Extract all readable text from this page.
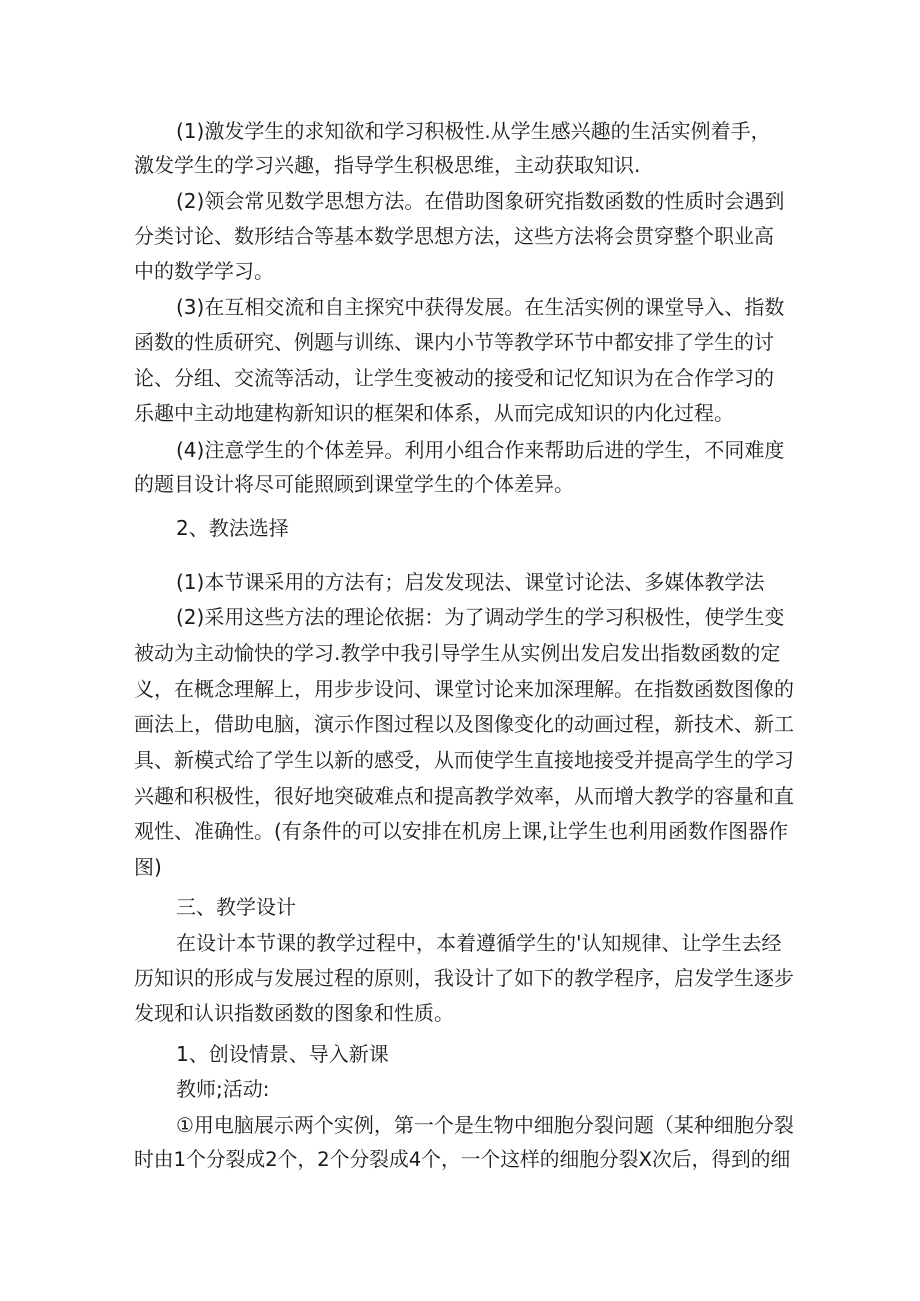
(1)激发学生的求知欲和学习积极性.从学生感兴趣的生活实例着手，
激发学生的学习兴趣，指导学生积极思维，主动获取知识.
(2)领会常见数学思想方法。在借助图象研究指数函数的性质时会遇到
分类讨论、数形结合等基本数学思想方法，这些方法将会贯穿整个职业高
中的数学学习。
(3)在互相交流和自主探究中获得发展。在生活实例的课堂导入、指数
函数的性质研究、例题与训练、课内小节等教学环节中都安排了学生的讨
论、分组、交流等活动，让学生变被动的接受和记忆知识为在合作学习的
乐趣中主动地建构新知识的框架和体系，从而完成知识的内化过程。
(4)注意学生的个体差异。利用小组合作来帮助后进的学生，不同难度
的题目设计将尽可能照顾到课堂学生的个体差异。
2、教法选择
(1)本节课采用的方法有；启发发现法、课堂讨论法、多媒体教学法
(2)采用这些方法的理论依据：为了调动学生的学习积极性，使学生变
被动为主动愉快的学习.教学中我引导学生从实例出发启发出指数函数的定
义，在概念理解上，用步步设问、课堂讨论来加深理解。在指数函数图像的
画法上，借助电脑，演示作图过程以及图像变化的动画过程，新技术、新工
具、新模式给了学生以新的感受，从而使学生直接地接受并提高学生的学习
兴趣和积极性，很好地突破难点和提高教学效率，从而增大教学的容量和直
观性、准确性。(有条件的可以安排在机房上课,让学生也利用函数作图器作
图)
三、教学设计
在设计本节课的教学过程中，本着遵循学生的'认知规律、让学生去经
历知识的形成与发展过程的原则，我设计了如下的教学程序，启发学生逐步
发现和认识指数函数的图象和性质。
1、创设情景、导入新课
教师;活动:
①用电脑展示两个实例，第一个是生物中细胞分裂问题（某种细胞分裂
时由1个分裂成2个，2个分裂成4个，一个这样的细胞分裂X次后，得到的细
